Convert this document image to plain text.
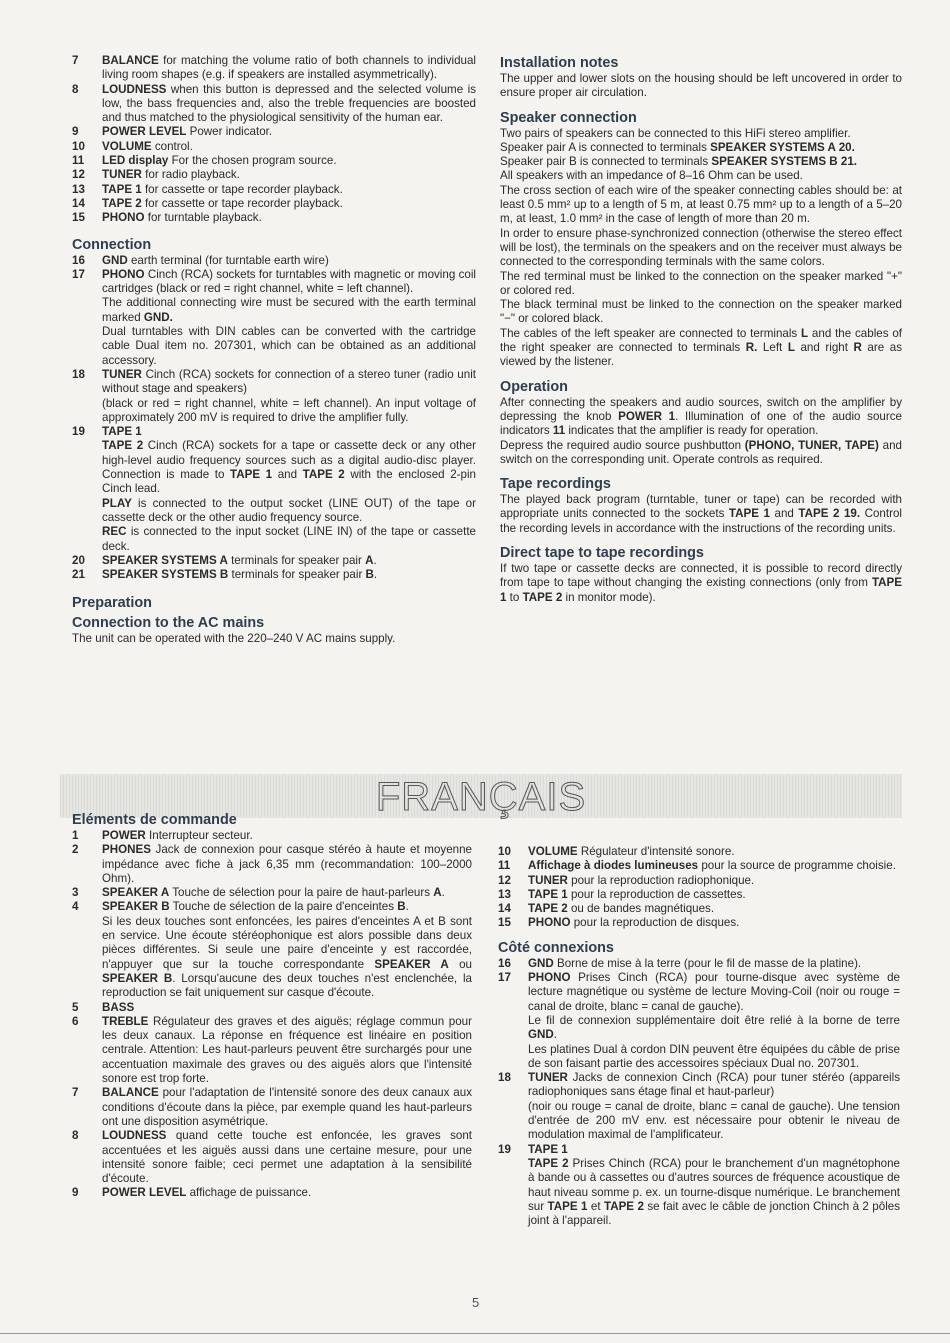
7	BALANCE for matching the volume ratio of both channels to individual living room shapes (e.g. if speakers are installed asymmetrically).
8	LOUDNESS when this button is depressed and the selected volume is low, the bass frequencies and, also the treble frequencies are boosted and thus matched to the physiological sensitivity of the human ear.
9	POWER LEVEL Power indicator.
10	VOLUME control.
11	LED display For the chosen program source.
12	TUNER for radio playback.
13	TAPE 1 for cassette or tape recorder playback.
14	TAPE 2 for cassette or tape recorder playback.
15	PHONO for turntable playback.
Connection
16	GND earth terminal (for turntable earth wire)
17	PHONO Cinch (RCA) sockets for turntables with magnetic or moving coil cartridges (black or red = right channel, white = left channel).

The additional connecting wire must be secured with the earth terminal marked GND.

Dual turntables with DIN cables can be converted with the cartridge cable Dual item no. 207301, which can be obtained as an additional accessory.

18	TUNER Cinch (RCA) sockets for connection of a stereo tuner (radio unit without stage and speakers)

(black or red = right channel, white = left channel). An input voltage of approximately 200 mV is required to drive the amplifier fully.

19	TAPE 1

TAPE 2 Cinch (RCA) sockets for a tape or cassette deck or any other high-level audio frequency sources such as a digital audio-disc player. Connection is made to TAPE 1 and TAPE 2 with the enclosed 2-pin Cinch lead.

PLAY is connected to the output socket (LINE OUT) of the tape or cassette deck or the other audio frequency source.

REC is connected to the input socket (LINE IN) of the tape or cassette deck.

20	SPEAKER SYSTEMS A terminals for speaker pair A.
21	SPEAKER SYSTEMS B terminals for speaker pair B.
Preparation
Connection to the AC mains

The unit can be operated with the 220–240 V AC mains supply.

Installation notes

The upper and lower slots on the housing should be left uncovered in order to ensure proper air circulation.

Speaker connection

Two pairs of speakers can be connected to this HiFi stereo amplifier.

Speaker pair A is connected to terminals SPEAKER SYSTEMS A 20.

Speaker pair B is connected to terminals SPEAKER SYSTEMS B 21.

All speakers with an impedance of 8–16 Ohm can be used.

The cross section of each wire of the speaker connecting cables should be: at least 0.5 mm² up to a length of 5 m, at least 0.75 mm² up to a length of a 5–20 m, at least, 1.0 mm² in the case of length of more than 20 m.

In order to ensure phase-synchronized connection (otherwise the stereo effect will be lost), the terminals on the speakers and on the receiver must always be connected to the corresponding terminals with the same colors.

The red terminal must be linked to the connection on the speaker marked "+" or colored red.

The black terminal must be linked to the connection on the speaker marked "−" or colored black.

The cables of the left speaker are connected to terminals L and the cables of the right speaker are connected to terminals R. Left L and right R are as viewed by the listener.

Operation

After connecting the speakers and audio sources, switch on the amplifier by depressing the knob POWER 1. Illumination of one of the audio source indicators 11 indicates that the amplifier is ready for operation.

Depress the required audio source pushbutton (PHONO, TUNER, TAPE) and switch on the corresponding unit. Operate controls as required.

Tape recordings

The played back program (turntable, tuner or tape) can be recorded with appropriate units connected to the sockets TAPE 1 and TAPE 2 19. Control the recording levels in accordance with the instructions of the recording units.

Direct tape to tape recordings

If two tape or cassette decks are connected, it is possible to record directly from tape to tape without changing the existing connections (only from TAPE 1 to TAPE 2 in monitor mode).

FRANÇAIS
Eléments de commande
1	POWER Interrupteur secteur.
2	PHONES Jack de connexion pour casque stéréo à haute et moyenne impédance avec fiche à jack 6,35 mm (recommandation: 100–2000 Ohm).
3	SPEAKER A Touche de sélection pour la paire de haut-parleurs A.
4	SPEAKER B Touche de sélection de la paire d'enceintes B.

Si les deux touches sont enfoncées, les paires d'enceintes A et B sont en service. Une écoute stéréophonique est alors possible dans deux pièces différentes. Si seule une paire d'enceinte y est raccordée, n'appuyer que sur la touche correspondante SPEAKER A ou SPEAKER B. Lorsqu'aucune des deux touches n'est enclenchée, la reproduction se fait uniquement sur casque d'écoute.

5	BASS
6	TREBLE Régulateur des graves et des aiguës; réglage commun pour les deux canaux. La réponse en fréquence est linéaire en position centrale. Attention: Les haut-parleurs peuvent être surchargés pour une accentuation maximale des graves ou des aiguës alors que l'intensité sonore est trop forte.
7	BALANCE pour l'adaptation de l'intensité sonore des deux canaux aux conditions d'écoute dans la pièce, par exemple quand les haut-parleurs ont une disposition asymétrique.
8	LOUDNESS quand cette touche est enfoncée, les graves sont accentuées et les aiguës aussi dans une certaine mesure, pour une intensité sonore faible; ceci permet une adaptation à la sensibilité d'écoute.
9	POWER LEVEL affichage de puissance.
10	VOLUME Régulateur d'intensité sonore.
11	Affichage à diodes lumineuses pour la source de programme choisie.
12	TUNER pour la reproduction radiophonique.
13	TAPE 1 pour la reproduction de cassettes.
14	TAPE 2 ou de bandes magnétiques.
15	PHONO pour la reproduction de disques.
Côté connexions
16	GND Borne de mise à la terre (pour le fil de masse de la platine).
17	PHONO Prises Cinch (RCA) pour tourne-disque avec système de lecture magnétique ou système de lecture Moving-Coil (noir ou rouge = canal de droite, blanc = canal de gauche).

Le fil de connexion supplémentaire doit être relié à la borne de terre GND.

Les platines Dual à cordon DIN peuvent être équipées du câble de prise de son faisant partie des accessoires spéciaux Dual no. 207301.

18	TUNER Jacks de connexion Cinch (RCA) pour tuner stéréo (appareils radiophoniques sans étage final et haut-parleur)

(noir ou rouge = canal de droite, blanc = canal de gauche). Une tension d'entrée de 200 mV env. est nécessaire pour obtenir le niveau de modulation maximal de l'amplificateur.

19	TAPE 1

TAPE 2 Prises Chinch (RCA) pour le branchement d'un magnétophone à bande ou à cassettes ou d'autres sources de fréquence acoustique de haut niveau somme p. ex. un tourne-disque numérique. Le branchement sur TAPE 1 et TAPE 2 se fait avec le câble de jonction Chinch à 2 pôles joint à l'appareil.

5
